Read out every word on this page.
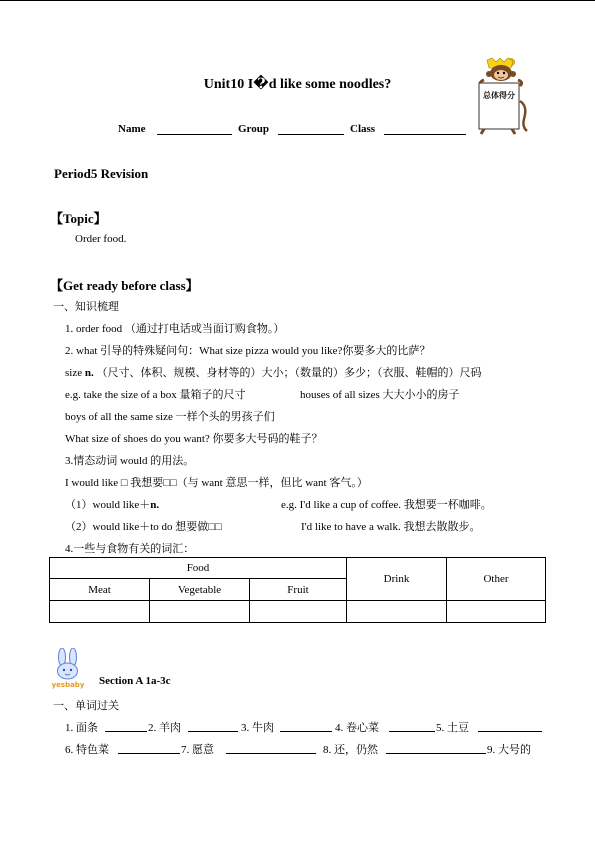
Unit10 I�d like some noodles?
总体得分
Name	Group	Class
Period5 Revision
【Topic】
Order food.
【Get ready before class】
一、知识梳理
1. order food （通过打电话或当面订购食物。）
2. what 引导的特殊疑问句：What size pizza would you like?你要多大的比萨？
size n. （尺寸、体积、规模、身材等的）大小；（数量的）多少；（衣服、鞋帽的）尺码
e.g. take the size of a box 量箱子的尺寸	houses of all sizes 大大小小的房子
boys of all the same size 一样个头的男孩子们
What size of shoes do you want? 你要多大号码的鞋子？
3.情态动词 would 的用法。
I would like □ 我想要□□（与 want 意思一样，但比 want 客气。）
（1）would like＋n.	e.g. I'd like a cup of coffee. 我想要一杯咖啡。
（2）would like＋to do 想要做□□	I'd like to have a walk. 我想去散散步。
4.一些与食物有关的词汇：
Food			Drink	Other
Meat	Vegetable	Fruit		

yesbaby Section A 1a-3c
一、单词过关
1. 面条	2. 羊肉	3. 牛肉	4. 卷心菜	5. 土豆
6. 特色菜	7. 愿意	8. 还，仍然	9. 大号的
